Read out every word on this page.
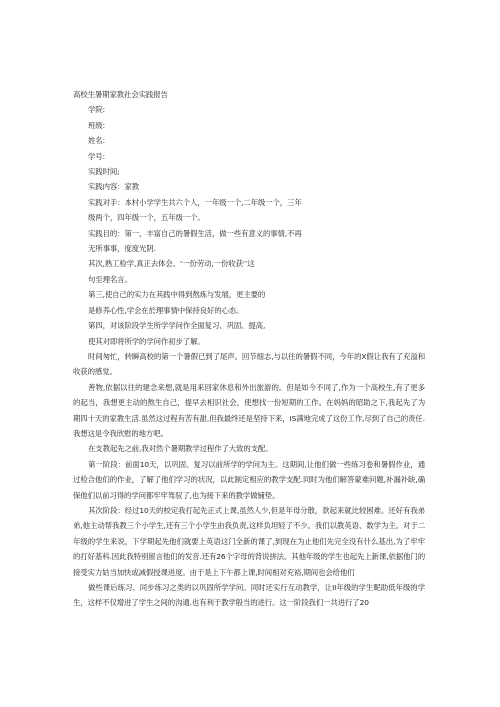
高校生暑期家教社会实践报告

学院:

班级:

姓名:

学号:

实践时间;

实践内容：家教

实践对手：本村小学学生共六个人，一年级一个,二年级一个，三年

级两个，四年级一个，五年级一个。

实践目的：第一，丰富自己的暑假生活，做一些有意义的事情,不再

无所事事，度度光阴.

其次,熟工检学,真正去体会、‘一份劳动,一份收获‘’这

句至理名言。

第三,使自己的实力在其践中得到熬炼与发展，更主要的

是修养心性,学会在於理事情中保持良好的心态。

第四，对该阶段学生所学学问作全面复习、巩固、提高,

使其对即将所学的学问作初步了解。

时间匆忙，转瞬高校的第一个暑假已到了尾声。回节细志,与以往的暑假不同，今年的X假让我有了充溢和收获的感觉。

善物,依据以往的建念来想,就是用来回家休息和外出旅游的。但是如今不同了,作为一个高校生,有了更多的起当，我想更主动的熬生自己，提早去相识社会，使想找一份短期的工作。在妈妈的昭助之下,我起先了为期四十天的家教生活.虽然这过程有苦有甜,但我最终还是坚持下来，IS满地完成了这份工作,尽到了自己的责任.我想这是令我欣慰的地方吧。

在支教起先之前,我对然个暑期教学过程作了大致的支配。

第一阶段：前面10天，以巩固、复习以前所学的学问为主。这期间,让他们做一些练习卷和暑假作业，通过检合他们的作业，了解了他们学习的状况，以此制定相应的教学支配.同时为他们解答蒙难问题,补漏补缺,确保他们以前习得的学问都牢牢驾驭了,也为接下来的教学做铺垫。

其次阶段：经过10天的校定我打起先正式上课,虽然人少,但是年母分散，款起来就比较困难。还好有我弟弟,他主动帮我教三个小学生,还有三个小学生由我负责,这样负坦轻了不少。我们以教英语、数学为主。对于二年级的学生来说，下学期起先他们就要上英语这门全新的课了,到现在为止他们先完全没有什么基出,为了牢牢的打好基科.因此我特别留言他们的发音.还有26个字母的背说拼法。其他年级的学生也起先上新课,依据他门的接受实力姑当加快或减假授课进度。由于是上下午都上课,时间相对充裕,期间也会给他们

做些课后练习、同步练习之类的以巩固所学学问。同时还实行互动教学，让II年级的学生昵助低年级的学生，这样不仅增进了学生之间的沟通.也有利于教学般当的进行。这一阶段我们一共进行了20
